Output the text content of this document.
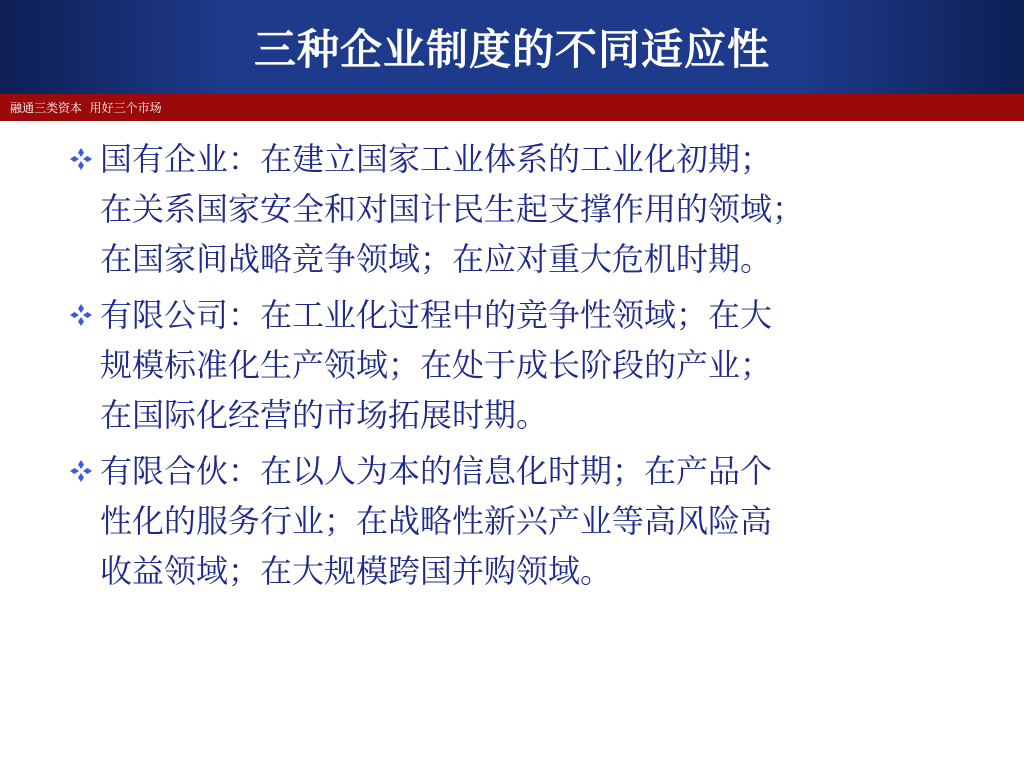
三种企业制度的不同适应性
融通三类资本  用好三个市场
国有企业：在建立国家工业体系的工业化初期；
在关系国家安全和对国计民生起支撑作用的领域；
在国家间战略竞争领域；在应对重大危机时期。
有限公司：在工业化过程中的竞争性领域；在大
规模标准化生产领域；在处于成长阶段的产业；
在国际化经营的市场拓展时期。
有限合伙：在以人为本的信息化时期；在产品个
性化的服务行业；在战略性新兴产业等高风险高
收益领域；在大规模跨国并购领域。
